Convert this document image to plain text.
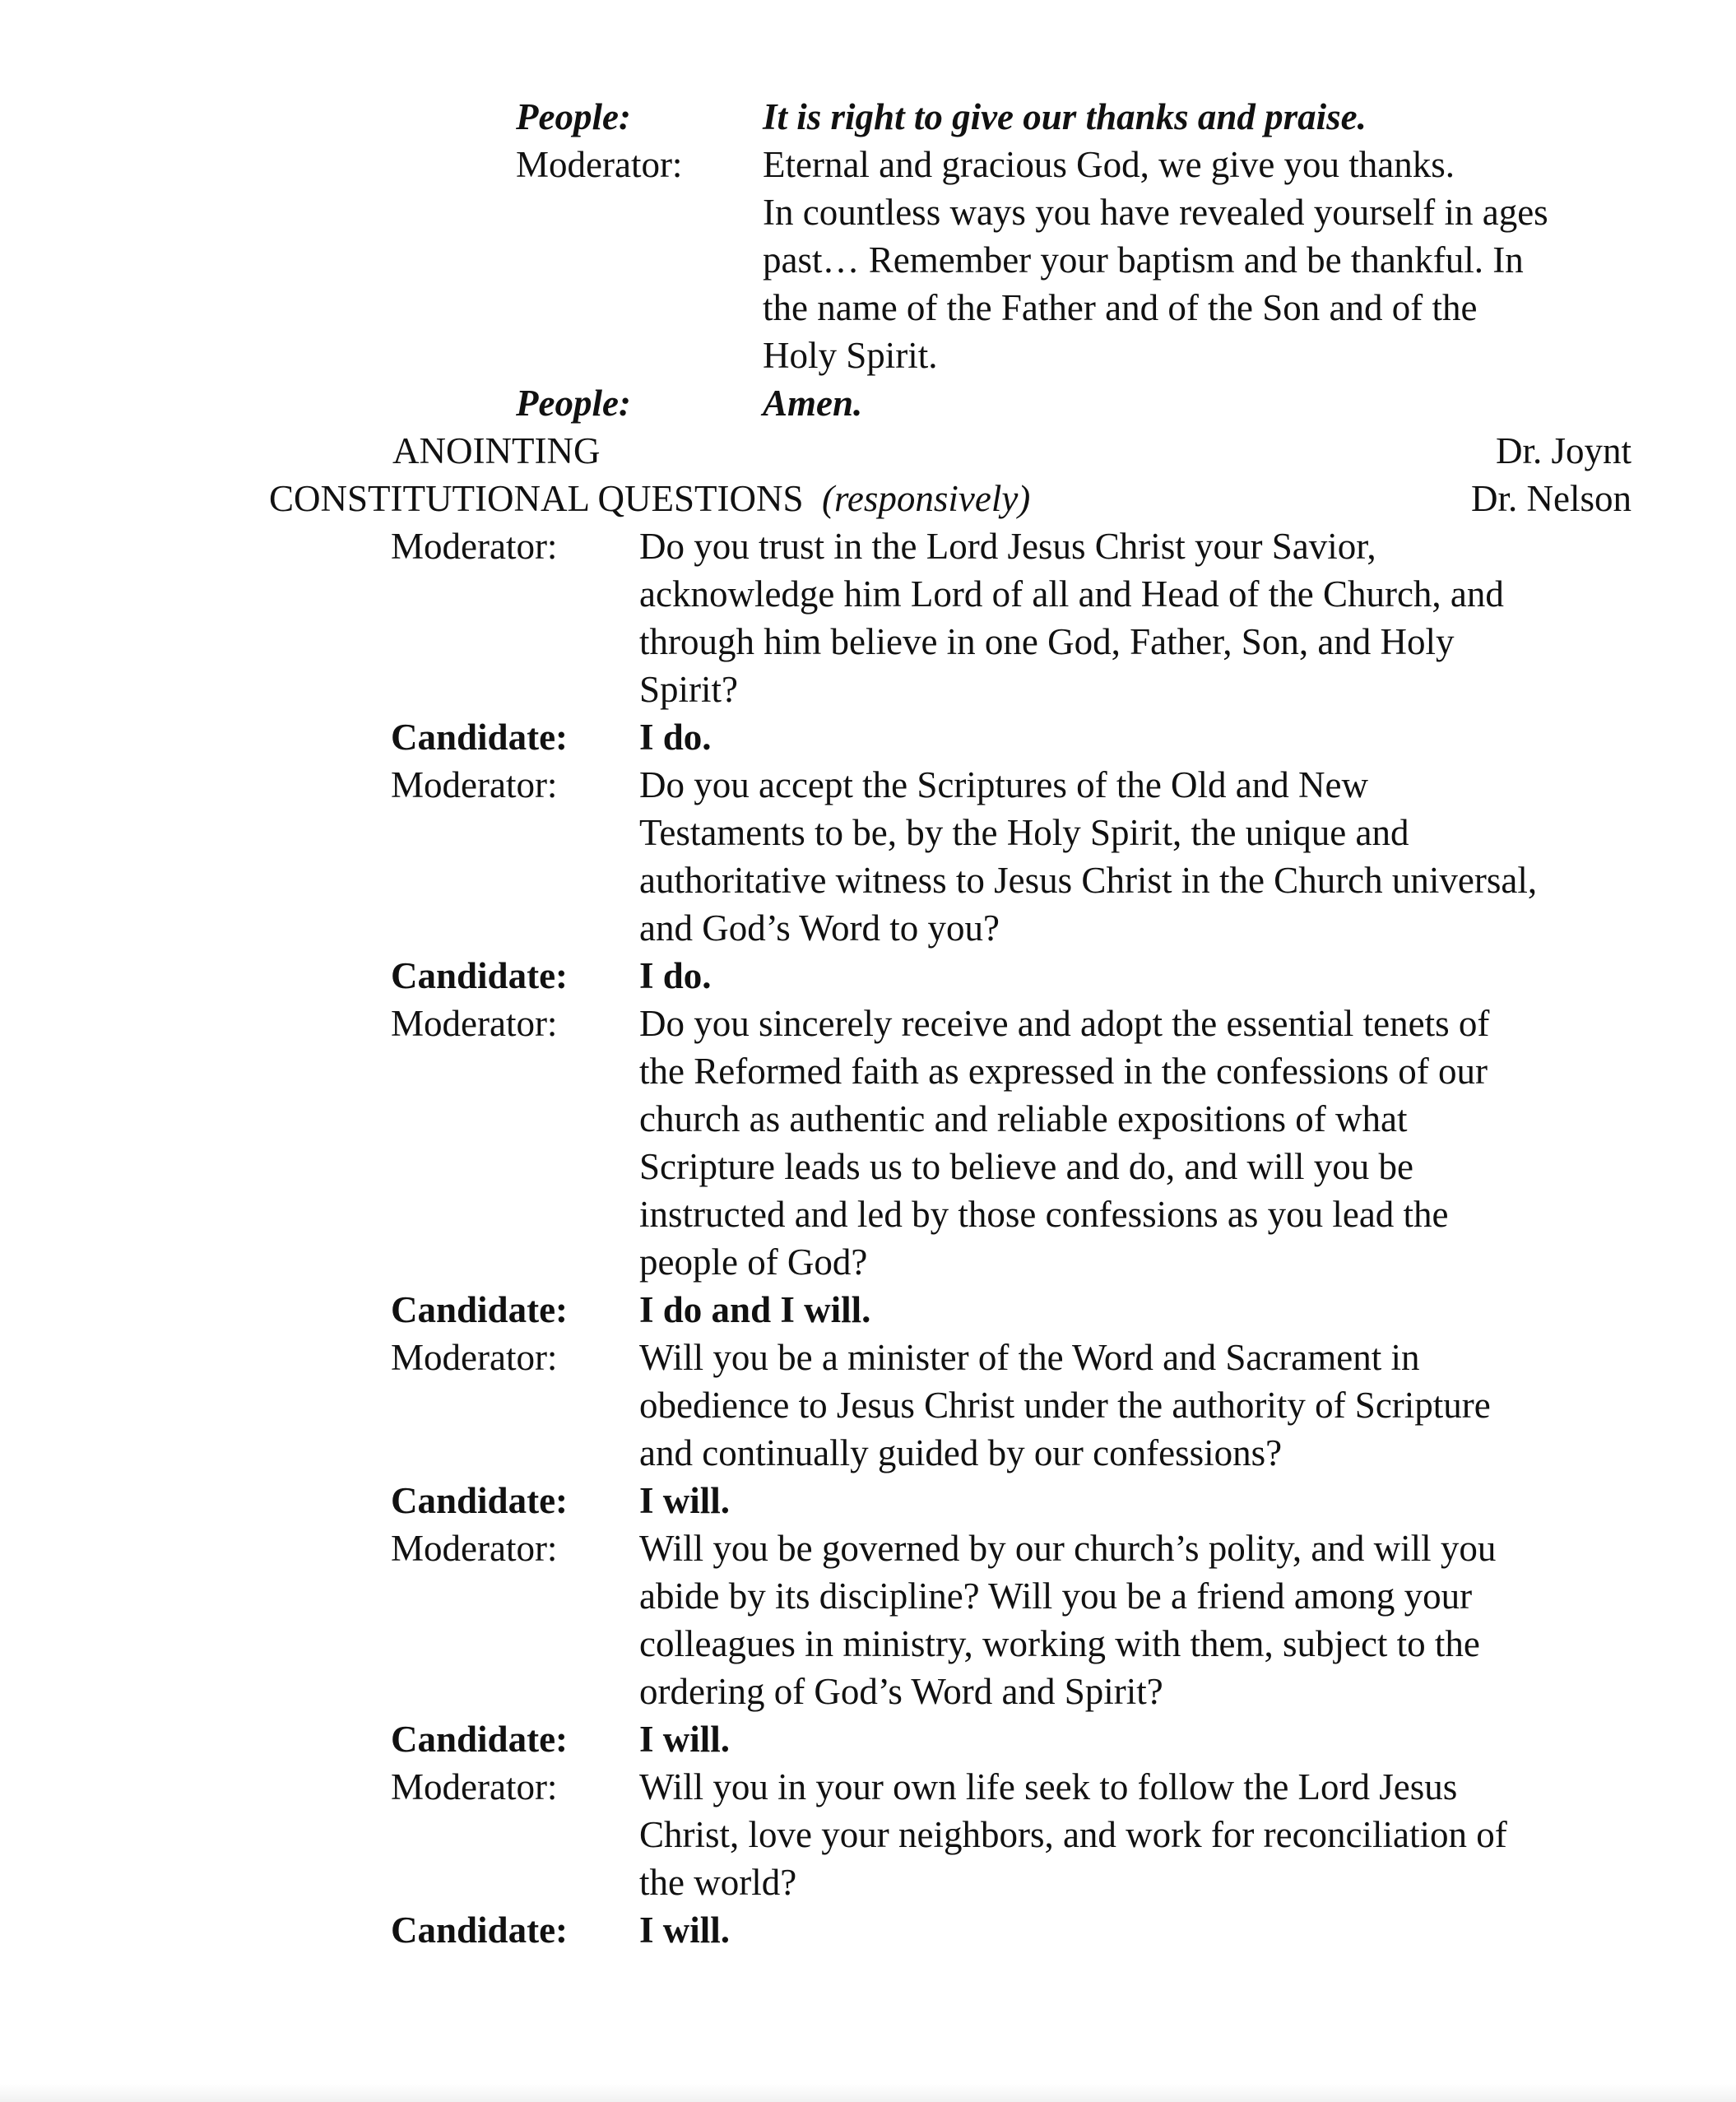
People:	It is right to give our thanks and praise.
Moderator: Eternal and gracious God, we give you thanks.
In countless ways you have revealed yourself in ages
past… Remember your baptism and be thankful. In
the name of the Father and of the Son and of the
Holy Spirit.
People:	Amen.
ANOINTING	Dr. Joynt
CONSTITUTIONAL QUESTIONS (responsively)	Dr. Nelson
Moderator: Do you trust in the Lord Jesus Christ your Savior,
acknowledge him Lord of all and Head of the Church, and
through him believe in one God, Father, Son, and Holy
Spirit?
Candidate: I do.
Moderator: Do you accept the Scriptures of the Old and New
Testaments to be, by the Holy Spirit, the unique and
authoritative witness to Jesus Christ in the Church universal,
and God’s Word to you?
Candidate: I do.
Moderator: Do you sincerely receive and adopt the essential tenets of
the Reformed faith as expressed in the confessions of our
church as authentic and reliable expositions of what
Scripture leads us to believe and do, and will you be
instructed and led by those confessions as you lead the
people of God?
Candidate: I do and I will.
Moderator: Will you be a minister of the Word and Sacrament in
obedience to Jesus Christ under the authority of Scripture
and continually guided by our confessions?
Candidate: I will.
Moderator: Will you be governed by our church’s polity, and will you
abide by its discipline? Will you be a friend among your
colleagues in ministry, working with them, subject to the
ordering of God’s Word and Spirit?
Candidate: I will.
Moderator: Will you in your own life seek to follow the Lord Jesus
Christ, love your neighbors, and work for reconciliation of
the world?
Candidate: I will.
